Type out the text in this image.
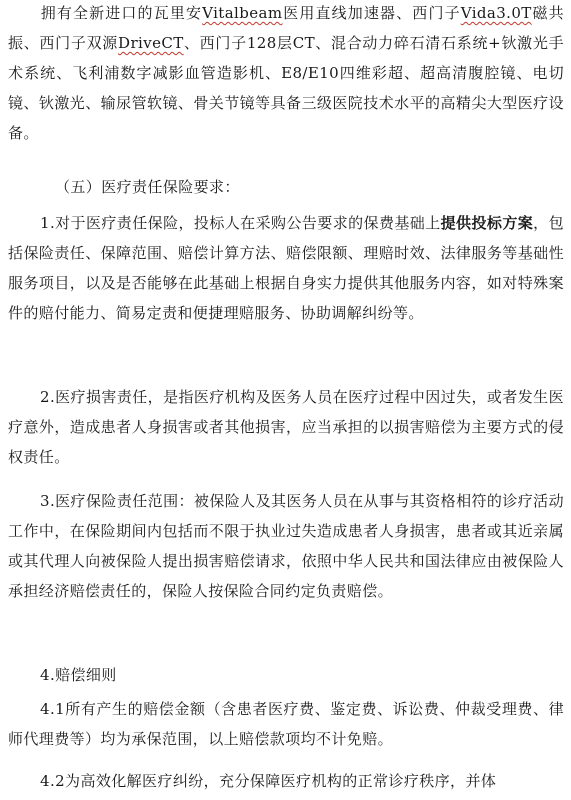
拥有全新进口的瓦里安Vitalbeam医用直线加速器、西门子Vida3.0T磁共振、西门子双源DriveCT、西门子128层CT、混合动力碎石清石系统+钬激光手术系统、飞利浦数字减影血管造影机、E8/E10四维彩超、超高清腹腔镜、电切镜、钬激光、输尿管软镜、骨关节镜等具备三级医院技术水平的高精尖大型医疗设备。

（五）医疗责任保险要求：

1.对于医疗责任保险，投标人在采购公告要求的保费基础上提供投标方案，包括保险责任、保障范围、赔偿计算方法、赔偿限额、理赔时效、法律服务等基础性服务项目，以及是否能够在此基础上根据自身实力提供其他服务内容，如对特殊案件的赔付能力、简易定责和便捷理赔服务、协助调解纠纷等。

2.医疗损害责任，是指医疗机构及医务人员在医疗过程中因过失，或者发生医疗意外，造成患者人身损害或者其他损害，应当承担的以损害赔偿为主要方式的侵权责任。

3.医疗保险责任范围：被保险人及其医务人员在从事与其资格相符的诊疗活动工作中，在保险期间内包括而不限于执业过失造成患者人身损害，患者或其近亲属或其代理人向被保险人提出损害赔偿请求，依照中华人民共和国法律应由被保险人承担经济赔偿责任的，保险人按保险合同约定负责赔偿。

4.赔偿细则

4.1所有产生的赔偿金额（含患者医疗费、鉴定费、诉讼费、仲裁受理费、律师代理费等）均为承保范围，以上赔偿款项均不计免赔。

4.2为高效化解医疗纠纷，充分保障医疗机构的正常诊疗秩序，并体
